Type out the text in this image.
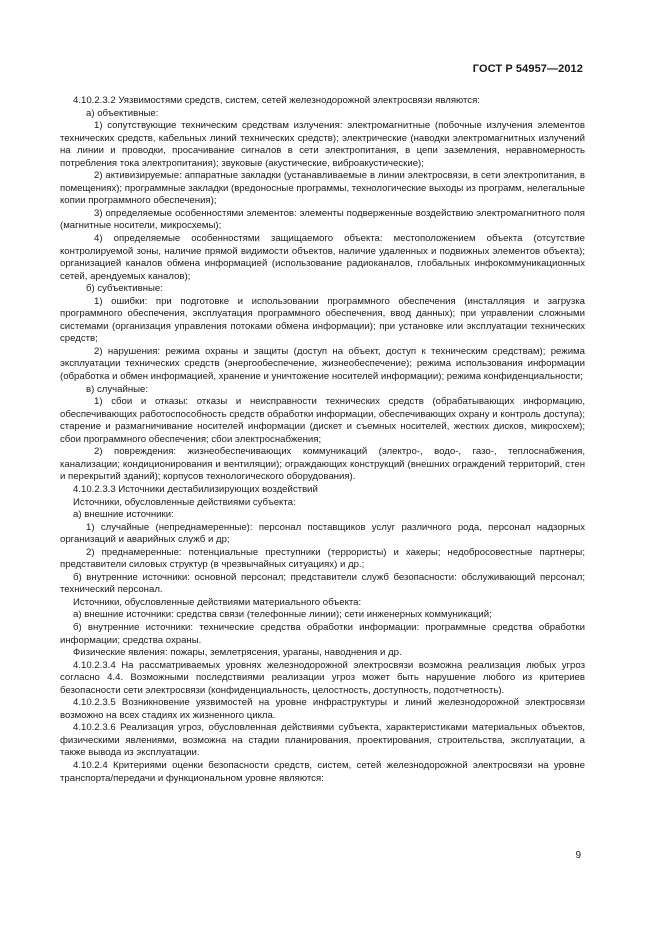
ГОСТ Р 54957—2012

4.10.2.3.2 Уязвимостями средств, систем, сетей железнодорожной электросвязи являются:

а) объективные:

1) сопутствующие техническим средствам излучения: электромагнитные (побочные излучения элементов технических средств, кабельных линий технических средств); электрические (наводки электромагнитных излучений на линии и проводки, просачивание сигналов в сети электропитания, в цепи заземления, неравномерность потребления тока электропитания); звуковые (акустические, виброакустические);

2) активизируемые: аппаратные закладки (устанавливаемые в линии электросвязи, в сети электропитания, в помещениях); программные закладки (вредоносные программы, технологические выходы из программ, нелегальные копии программного обеспечения);

3) определяемые особенностями элементов: элементы подверженные воздействию электромагнитного поля (магнитные носители, микросхемы);

4) определяемые особенностями защищаемого объекта: местоположением объекта (отсутствие контролируемой зоны, наличие прямой видимости объектов, наличие удаленных и подвижных элементов объекта); организацией каналов обмена информацией (использование радиоканалов, глобальных инфокоммуникационных сетей, арендуемых каналов);

б) субъективные:

1) ошибки: при подготовке и использовании программного обеспечения (инсталляция и загрузка программного обеспечения, эксплуатация программного обеспечения, ввод данных); при управлении сложными системами (организация управления потоками обмена информации); при установке или эксплуатации технических средств;

2) нарушения: режима охраны и защиты (доступ на объект, доступ к техническим средствам); режима эксплуатации технических средств (энергообеспечение, жизнеобеспечение); режима использования информации (обработка и обмен информацией, хранение и уничтожение носителей информации); режима конфиденциальности;

в) случайные:

1) сбои и отказы: отказы и неисправности технических средств (обрабатывающих информацию, обеспечивающих работоспособность средств обработки информации, обеспечивающих охрану и контроль доступа); старение и размагничивание носителей информации (дискет и съемных носителей, жестких дисков, микросхем); сбои программного обеспечения; сбои электроснабжения;

2) повреждения: жизнеобеспечивающих коммуникаций (электро-, водо-, газо-, теплоснабжения, канализации; кондиционирования и вентиляции); ограждающих конструкций (внешних ограждений территорий, стен и перекрытий зданий); корпусов технологического оборудования).

4.10.2.3.3 Источники дестабилизирующих воздействий

Источники, обусловленные действиями субъекта:

а) внешние источники:

1) случайные (непреднамеренные): персонал поставщиков услуг различного рода, персонал надзорных организаций и аварийных служб и др;

2) преднамеренные: потенциальные преступники (террористы) и хакеры; недобросовестные партнеры; представители силовых структур (в чрезвычайных ситуациях) и др.;

б) внутренние источники: основной персонал; представители служб безопасности: обслуживающий персонал; технический персонал.

Источники, обусловленные действиями материального объекта:

а) внешние источники: средства связи (телефонные линии); сети инженерных коммуникаций;

б) внутренние источники: технические средства обработки информации: программные средства обработки информации; средства охраны.

Физические явления: пожары, землетрясения, ураганы, наводнения и др.

4.10.2.3.4 На рассматриваемых уровнях железнодорожной электросвязи возможна реализация любых угроз согласно 4.4. Возможными последствиями реализации угроз может быть нарушение любого из критериев безопасности сети электросвязи (конфиденциальность, целостность, доступность, подотчетность).

4.10.2.3.5 Возникновение уязвимостей на уровне инфраструктуры и линий железнодорожной электросвязи возможно на всех стадиях их жизненного цикла.

4.10.2.3.6 Реализация угроз, обусловленная действиями субъекта, характеристиками материальных объектов, физическими явлениями, возможна на стадии планирования, проектирования, строительства, эксплуатации, а также вывода из эксплуатации.

4.10.2.4 Критериями оценки безопасности средств, систем, сетей железнодорожной электросвязи на уровне транспорта/передачи и функциональном уровне являются:

9
